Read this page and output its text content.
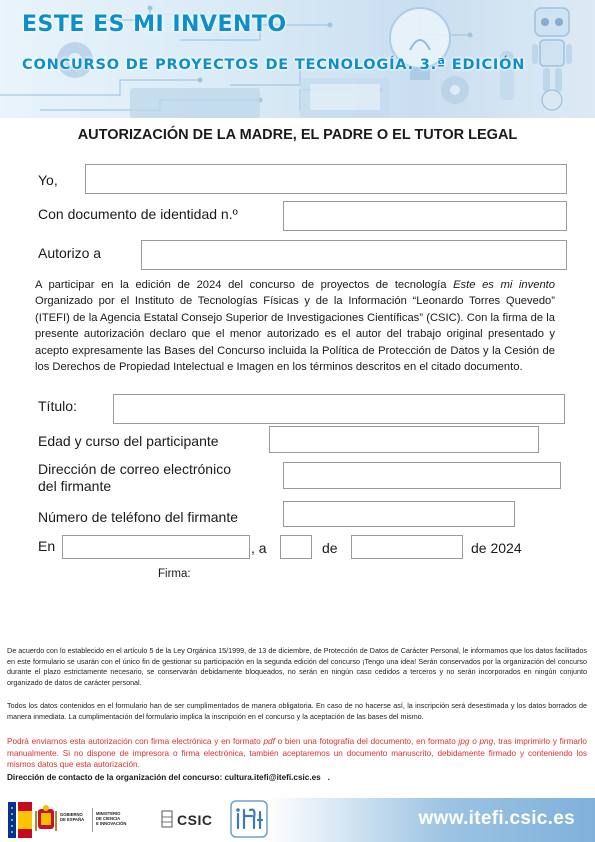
ESTE ES MI INVENTO
CONCURSO DE PROYECTOS DE TECNOLOGÍA. 3.ª EDICIÓN
AUTORIZACIÓN DE LA MADRE, EL PADRE O EL TUTOR LEGAL
Yo,
Con documento de identidad n.º
Autorizo a
A participar en la edición de 2024 del concurso de proyectos de tecnología Este es mi invento Organizado por el Instituto de Tecnologías Físicas y de la Información “Leonardo Torres Quevedo” (ITEFI) de la Agencia Estatal Consejo Superior de Investigaciones Científicas” (CSIC). Con la firma de la presente autorización declaro que el menor autorizado es el autor del trabajo original presentado y acepto expresamente las Bases del Concurso incluida la Política de Protección de Datos y la Cesión de los Derechos de Propiedad Intelectual e Imagen en los términos descritos en el citado documento.
Título:
Edad y curso del participante
Dirección de correo electrónico
del firmante
Número de teléfono del firmante
En	, a	de	de 2024
Firma:
De acuerdo con lo establecido en el artículo 5 de la Ley Orgánica 15/1999, de 13 de diciembre, de Protección de Datos de Carácter Personal, le informamos que los datos facilitados en este formulario se usarán con el único fin de gestionar su participación en la segunda edición del concurso ¡Tengo una idea! Serán conservados por la organización del concurso durante el plazo estrictamente necesario, se conservarán debidamente bloqueados, no serán en ningún caso cedidos a terceros y no serán incorporados en ningún conjunto organizado de datos de carácter personal.
Todos los datos contenidos en el formulario han de ser cumplimentados de manera obligatoria. En caso de no hacerse así, la inscripción será desestimada y los datos borrados de manera inmediata. La cumplimentación del formulario implica la inscripción en el concurso y la aceptación de las bases del mismo.
Podrá enviarnos esta autorización con firma electrónica y en formato pdf o bien una fotografía del documento, en formato jpg o png, tras imprimirlo y firmarlo manualmente. Si no dispone de impresora o firma electrónica, también aceptaremos un documento manuscrito, debidamente firmado y conteniendo los mismos datos que esta autorización.
Dirección de contacto de la organización del concurso: cultura.itefi@itefi.csic.es .
www.itefi.csic.es
GOBIERNO
DE ESPAÑA
MINISTERIO
DE CIENCIA
E INNOVACIÓN	CSIC
